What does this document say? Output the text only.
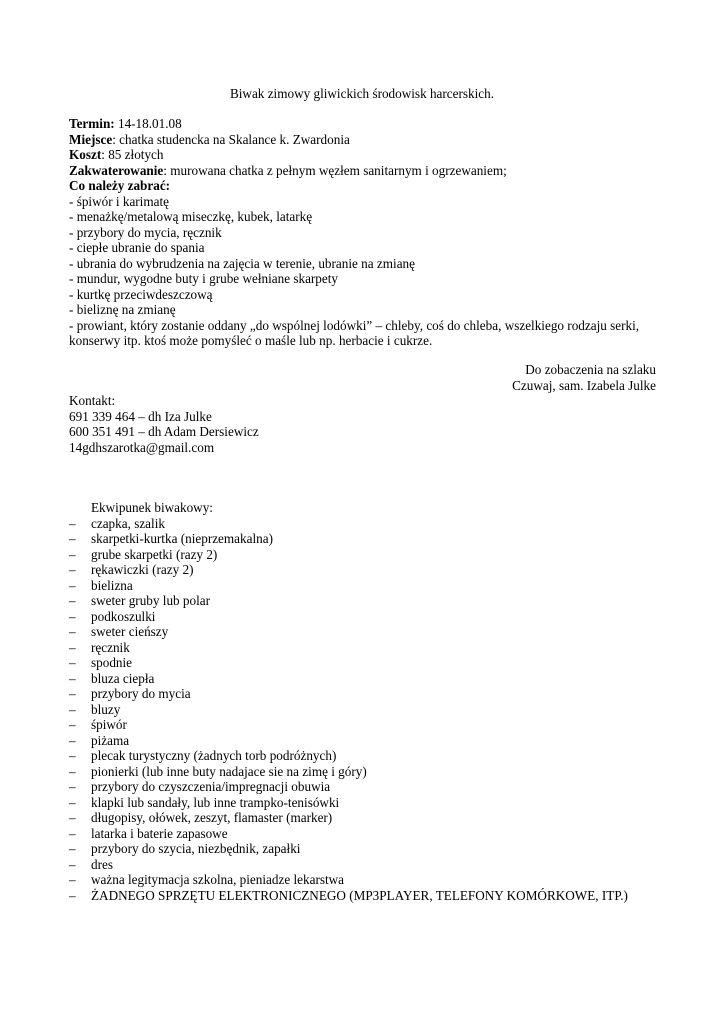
Biwak zimowy gliwickich środowisk harcerskich.
Termin: 14-18.01.08
Miejsce: chatka studencka na Skalance k. Zwardonia
Koszt: 85 złotych
Zakwaterowanie: murowana chatka z pełnym węzłem sanitarnym i ogrzewaniem;
Co należy zabrać:
- śpiwór i karimatę
- menażkę/metalową miseczkę, kubek, latarkę
- przybory do mycia, ręcznik
- ciepłe ubranie do spania
- ubrania do wybrudzenia na zajęcia w terenie, ubranie na zmianę
- mundur, wygodne buty i grube wełniane skarpety
- kurtkę przeciwdeszczową
- bieliznę na zmianę
- prowiant, który zostanie oddany „do wspólnej lodówki” – chleby, coś do chleba, wszelkiego rodzaju serki, konserwy itp. ktoś może pomyśleć o maśle lub np. herbacie i cukrze.
Do zobaczenia na szlaku
Czuwaj, sam. Izabela Julke
Kontakt:
691 339 464 – dh Iza Julke
600 351 491 – dh Adam Dersiewicz
14gdhszarotka@gmail.com
Ekwipunek biwakowy:
–	czapka, szalik
–	skarpetki-kurtka (nieprzemakalna)
–	grube skarpetki (razy 2)
–	rękawiczki (razy 2)
–	bielizna
–	sweter gruby lub polar
–	podkoszulki
–	sweter cieńszy
–	ręcznik
–	spodnie
–	bluza ciepła
–	przybory do mycia
–	bluzy
–	śpiwór
–	piżama
–	plecak turystyczny (żadnych torb podróżnych)
–	pionierki (lub inne buty nadajace sie na zimę i góry)
–	przybory do czyszczenia/impregnacji obuwia
–	klapki lub sandały, lub inne trampko-tenisówki
–	długopisy, ołówek, zeszyt, flamaster (marker)
–	latarka i baterie zapasowe
–	przybory do szycia, niezbędnik, zapałki
–	dres
–	ważna legitymacja szkolna, pieniadze lekarstwa
–	ŻADNEGO SPRZĘTU ELEKTRONICZNEGO (MP3PLAYER, TELEFONY KOMÓRKOWE, ITP.)
